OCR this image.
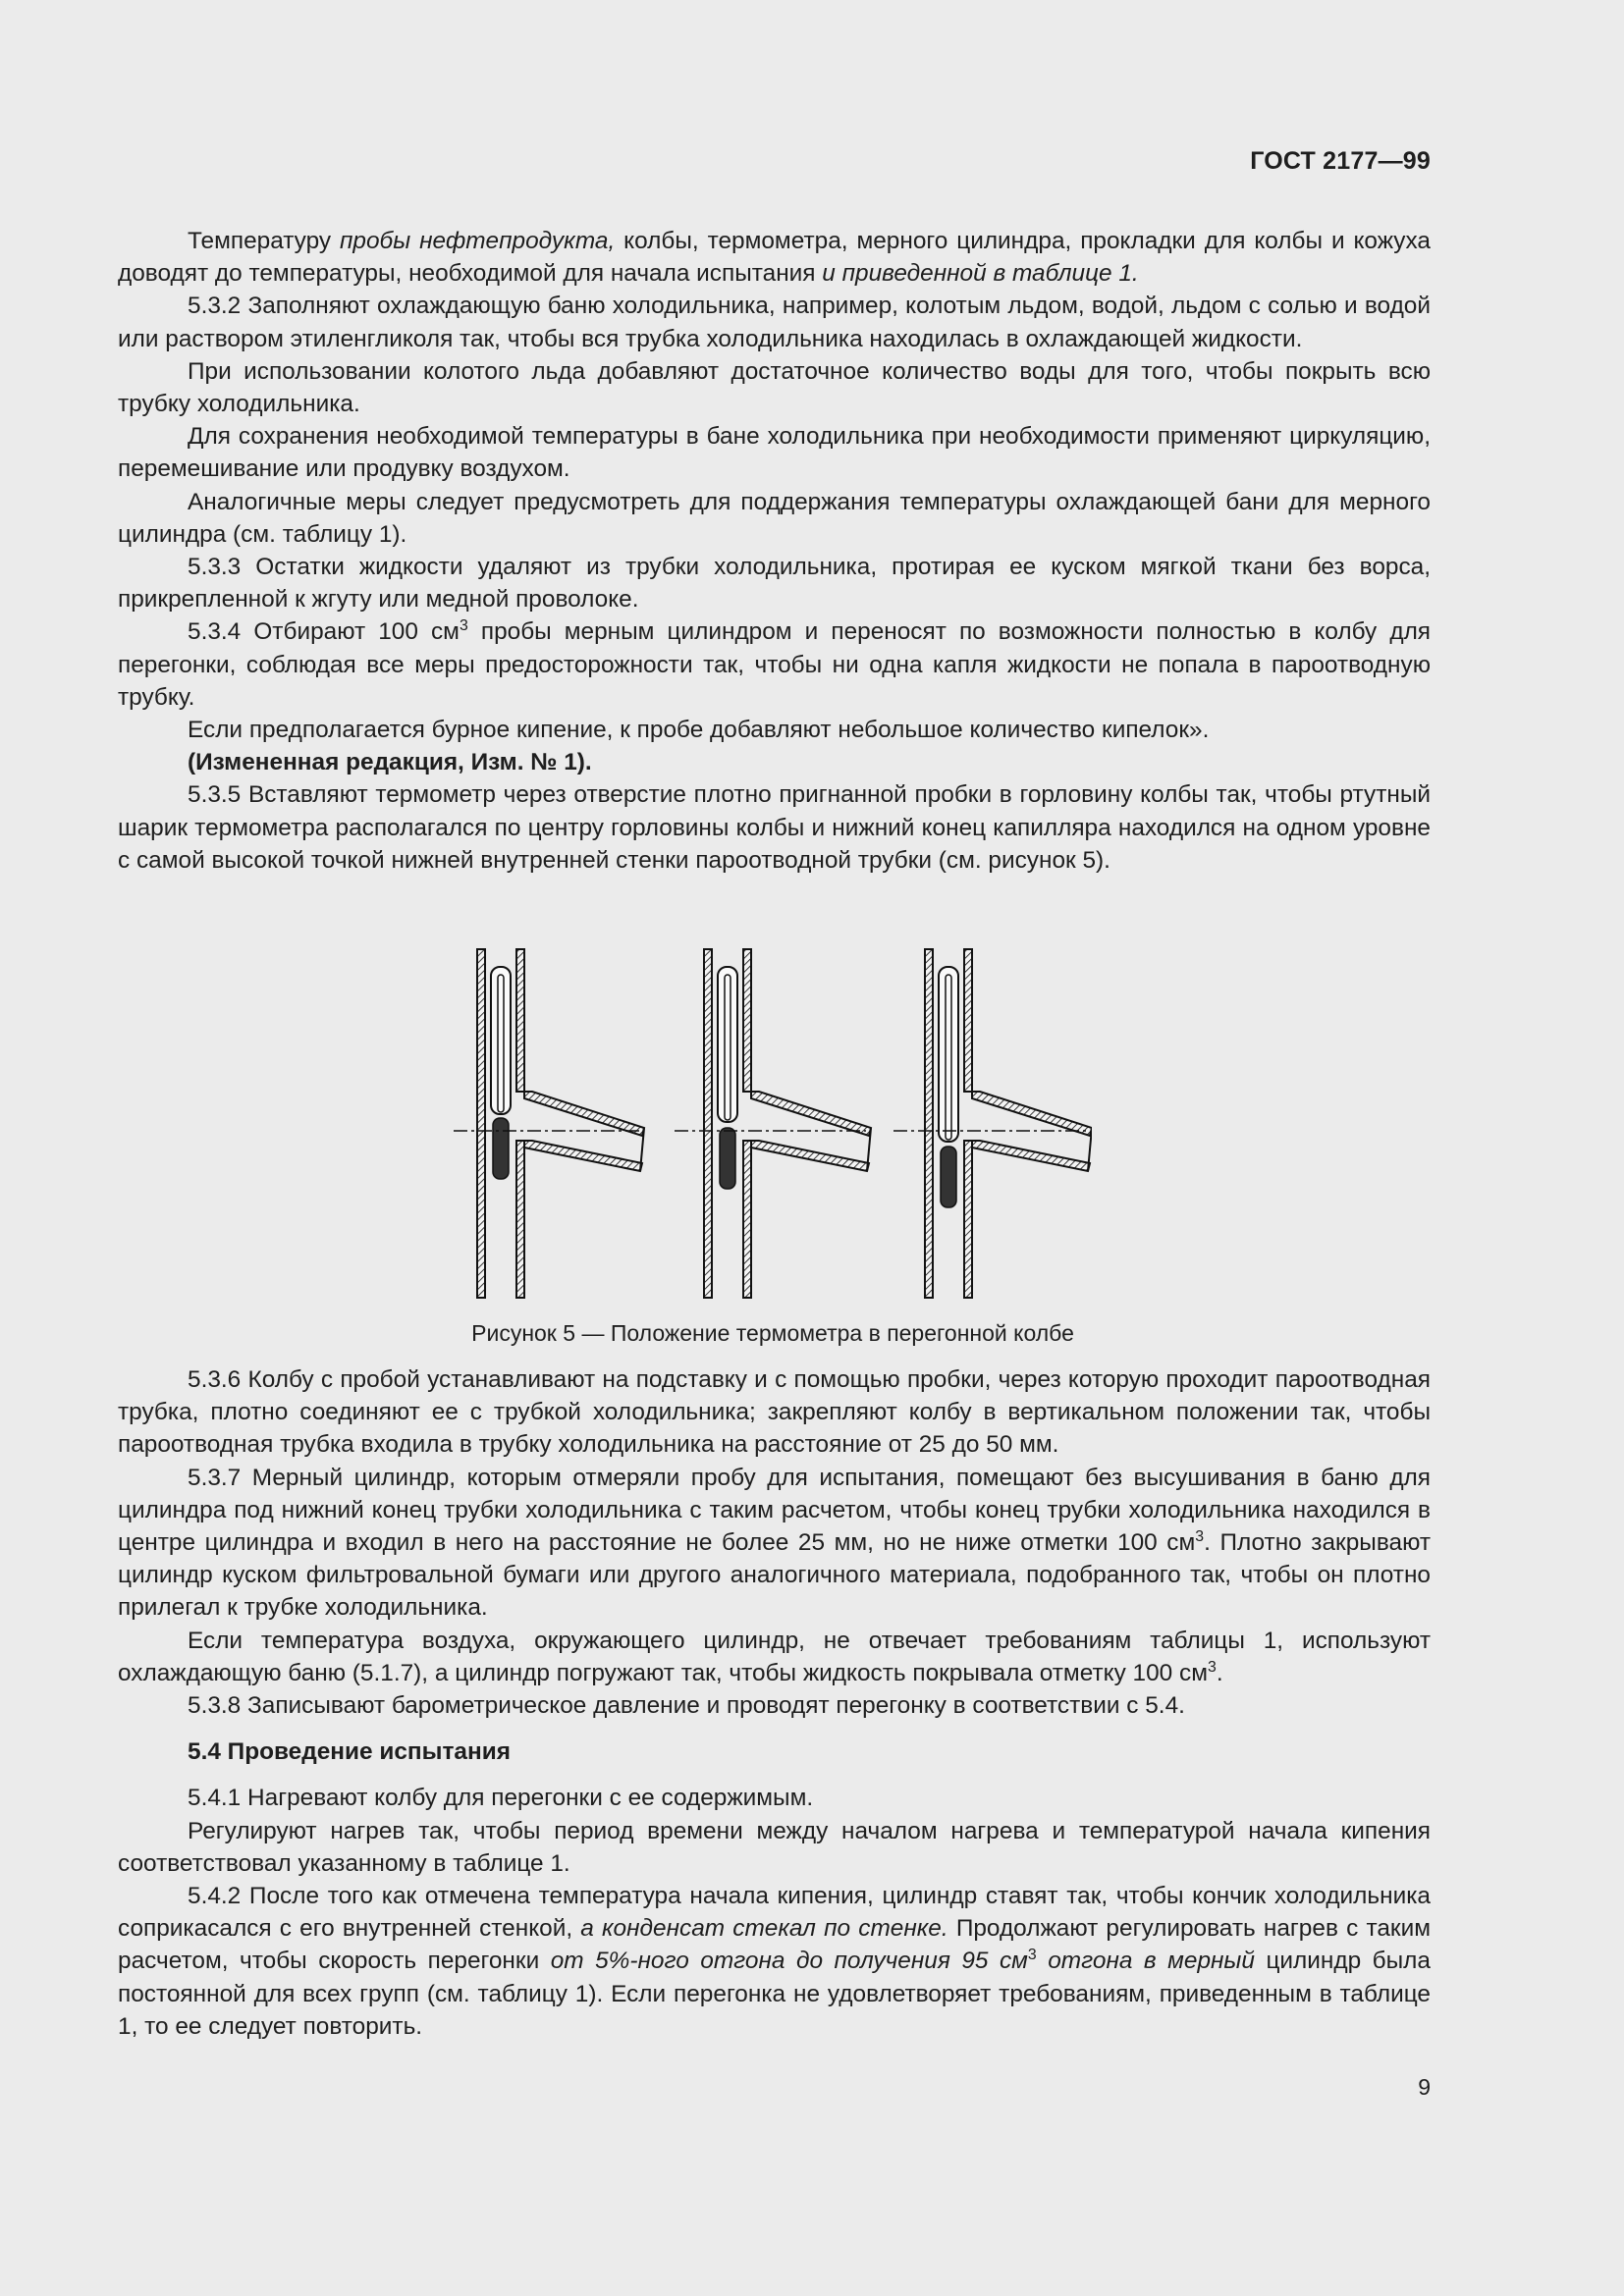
ГОСТ 2177—99

Температуру пробы нефтепродукта, колбы, термометра, мерного цилиндра, прокладки для колбы и кожуха доводят до температуры, необходимой для начала испытания и приведенной в таблице 1.

5.3.2 Заполняют охлаждающую баню холодильника, например, колотым льдом, водой, льдом с солью и водой или раствором этиленгликоля так, чтобы вся трубка холодильника находилась в охлаждающей жидкости.

При использовании колотого льда добавляют достаточное количество воды для того, чтобы покрыть всю трубку холодильника.

Для сохранения необходимой температуры в бане холодильника при необходимости применяют циркуляцию, перемешивание или продувку воздухом.

Аналогичные меры следует предусмотреть для поддержания температуры охлаждающей бани для мерного цилиндра (см. таблицу 1).

5.3.3 Остатки жидкости удаляют из трубки холодильника, протирая ее куском мягкой ткани без ворса, прикрепленной к жгуту или медной проволоке.

5.3.4 Отбирают 100 $см^3$ пробы мерным цилиндром и переносят по возможности полностью в колбу для перегонки, соблюдая все меры предосторожности так, чтобы ни одна капля жидкости не попала в пароотводную трубку.

Если предполагается бурное кипение, к пробе добавляют небольшое количество кипелок».

(Измененная редакция, Изм. № 1).

5.3.5 Вставляют термометр через отверстие плотно пригнанной пробки в горловину колбы так, чтобы ртутный шарик термометра располагался по центру горловины колбы и нижний конец капилляра находился на одном уровне с самой высокой точкой нижней внутренней стенки пароотводной трубки (см. рисунок 5).

Рисунок 5 — Положение термометра в перегонной колбе

5.3.6 Колбу с пробой устанавливают на подставку и с помощью пробки, через которую проходит пароотводная трубка, плотно соединяют ее с трубкой холодильника; закрепляют колбу в вертикальном положении так, чтобы пароотводная трубка входила в трубку холодильника на расстояние от 25 до 50 мм.

5.3.7 Мерный цилиндр, которым отмеряли пробу для испытания, помещают без высушивания в баню для цилиндра под нижний конец трубки холодильника с таким расчетом, чтобы конец трубки холодильника находился в центре цилиндра и входил в него на расстояние не более 25 мм, но не ниже отметки 100 $см^3$. Плотно закрывают цилиндр куском фильтровальной бумаги или другого аналогичного материала, подобранного так, чтобы он плотно прилегал к трубке холодильника.

Если температура воздуха, окружающего цилиндр, не отвечает требованиям таблицы 1, используют охлаждающую баню (5.1.7), а цилиндр погружают так, чтобы жидкость покрывала отметку 100 $см^3$.

5.3.8 Записывают барометрическое давление и проводят перегонку в соответствии с 5.4.

5.4 Проведение испытания

5.4.1 Нагревают колбу для перегонки с ее содержимым.

Регулируют нагрев так, чтобы период времени между началом нагрева и температурой начала кипения соответствовал указанному в таблице 1.

5.4.2 После того как отмечена температура начала кипения, цилиндр ставят так, чтобы кончик холодильника соприкасался с его внутренней стенкой, а конденсат стекал по стенке. Продолжают регулировать нагрев с таким расчетом, чтобы скорость перегонки от 5%-ного отгона до получения 95 $см^3$ отгона в мерный цилиндр была постоянной для всех групп (см. таблицу 1). Если перегонка не удовлетворяет требованиям, приведенным в таблице 1, то ее следует повторить.

9
